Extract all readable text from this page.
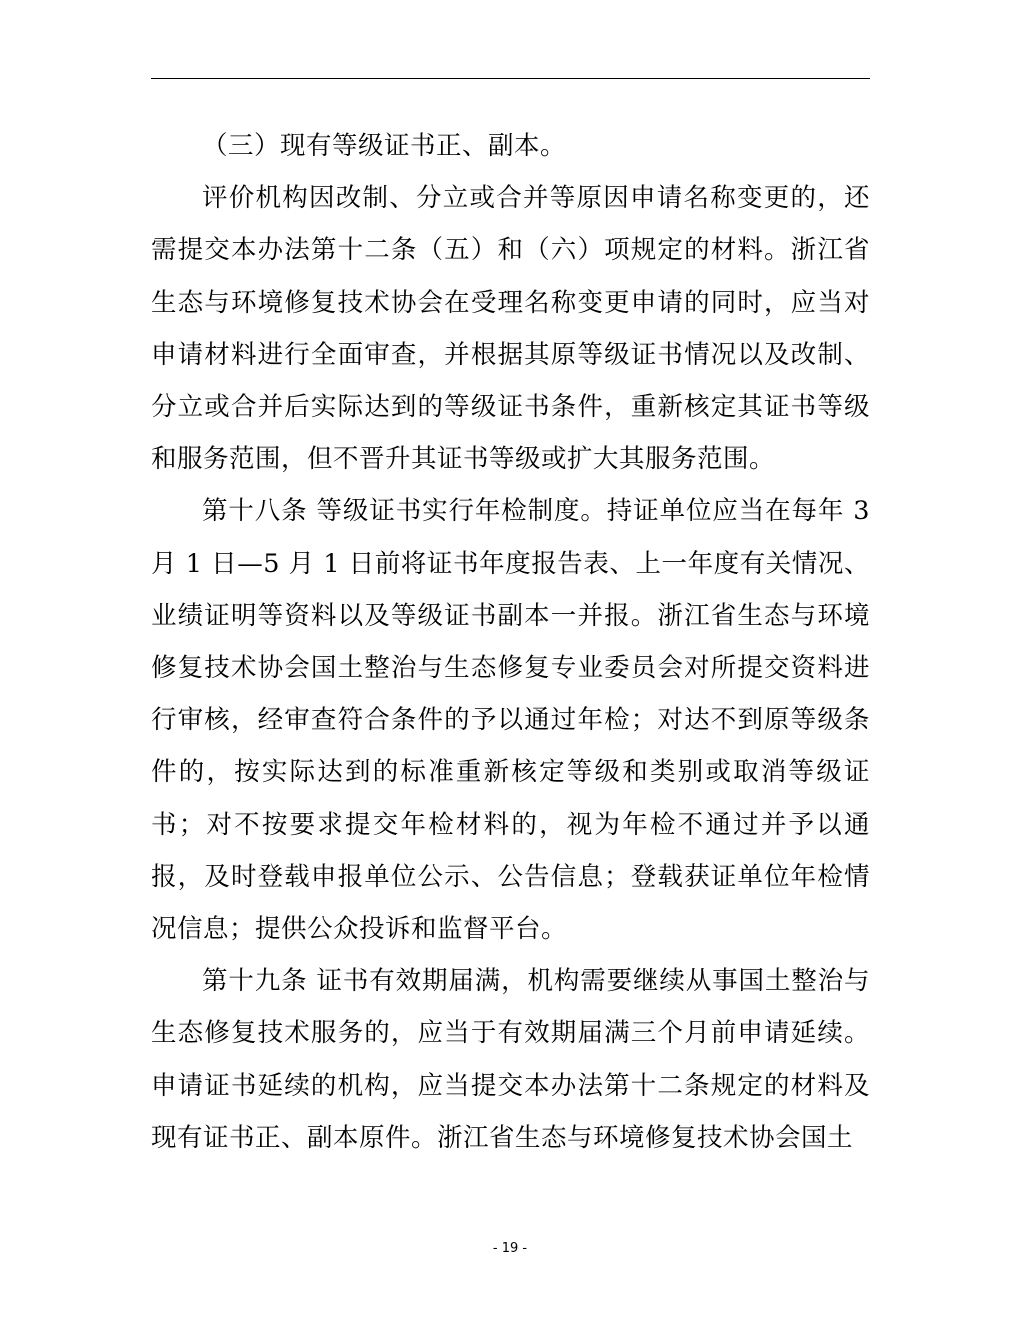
（三）现有等级证书正、副本。

评价机构因改制、分立或合并等原因申请名称变更的，还需提交本办法第十二条（五）和（六）项规定的材料。浙江省生态与环境修复技术协会在受理名称变更申请的同时，应当对申请材料进行全面审查，并根据其原等级证书情况以及改制、分立或合并后实际达到的等级证书条件，重新核定其证书等级和服务范围，但不晋升其证书等级或扩大其服务范围。

第十八条 等级证书实行年检制度。持证单位应当在每年 3 月 1 日—5 月 1 日前将证书年度报告表、上一年度有关情况、业绩证明等资料以及等级证书副本一并报。浙江省生态与环境修复技术协会国土整治与生态修复专业委员会对所提交资料进行审核，经审查符合条件的予以通过年检；对达不到原等级条件的，按实际达到的标准重新核定等级和类别或取消等级证书；对不按要求提交年检材料的，视为年检不通过并予以通报，及时登载申报单位公示、公告信息；登载获证单位年检情况信息；提供公众投诉和监督平台。

第十九条 证书有效期届满，机构需要继续从事国土整治与生态修复技术服务的，应当于有效期届满三个月前申请延续。申请证书延续的机构，应当提交本办法第十二条规定的材料及现有证书正、副本原件。浙江省生态与环境修复技术协会国土

- 19 -
